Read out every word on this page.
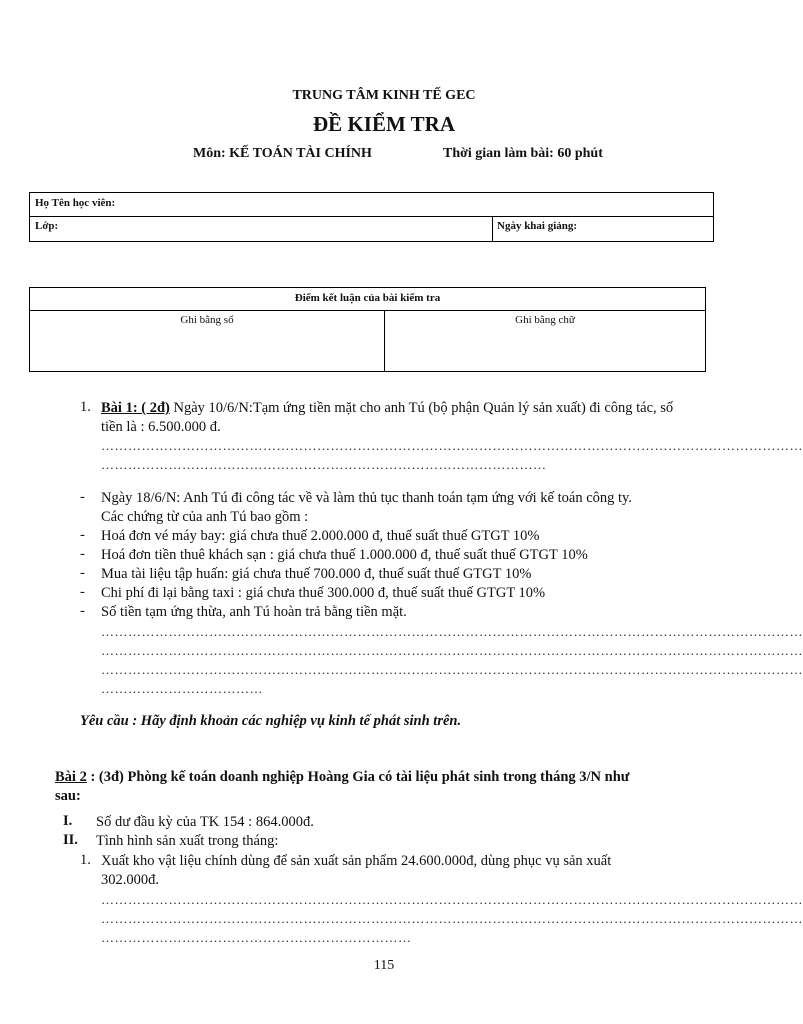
TRUNG TÂM KINH TẾ GEC
ĐỀ KIỂM TRA
Môn: KẾ TOÁN TÀI CHÍNH	Thời gian làm bài: 60 phút
Họ Tên học viên:
Lớp:	Ngày khai giảng:
Điểm kết luận của bài kiểm tra
Ghi bằng số	Ghi bằng chữ
1. Bài 1: ( 2đ) Ngày 10/6/N:Tạm ứng tiền mặt cho anh Tú (bộ phận Quản lý sản xuất) đi công tác, số
tiền là : 6.500.000 đ.
…………………………………………………………………………………………………………………………………………
………………………………………………………………………………………
- Ngày 18/6/N: Anh Tú đi công tác về và làm thủ tục thanh toán tạm ứng với kế toán công ty.
Các chứng từ của anh Tú bao gồm :
- Hoá đơn vé máy bay: giá chưa thuế 2.000.000 đ, thuế suất thuế GTGT 10%
- Hoá đơn tiền thuê khách sạn : giá chưa thuế 1.000.000 đ, thuế suất thuế GTGT 10%
- Mua tài liệu tập huấn: giá chưa thuế 700.000 đ, thuế suất thuế GTGT 10%
- Chi phí đi lại bằng taxi : giá chưa thuế 300.000 đ, thuế suất thuế GTGT 10%
- Số tiền tạm ứng thừa, anh Tú hoàn trả bằng tiền mặt.
…………………………………………………………………………………………………………………………………………
…………………………………………………………………………………………………………………………………………
…………………………………………………………………………………………………………………………………………
………………………………
Yêu cầu : Hãy định khoản các nghiệp vụ kinh tế phát sinh trên.
Bài 2 : (3đ) Phòng kế toán doanh nghiệp Hoàng Gia có tài liệu phát sinh trong tháng 3/N như
sau:
I. Số dư đầu kỳ của TK 154 : 864.000đ.
II. Tình hình sản xuất trong tháng:
1. Xuất kho vật liệu chính dùng để sản xuất sản phẩm 24.600.000đ, dùng phục vụ sản xuất
302.000đ.
…………………………………………………………………………………………………………………………………………
…………………………………………………………………………………………………………………………………………
……………………………………………………………
115
